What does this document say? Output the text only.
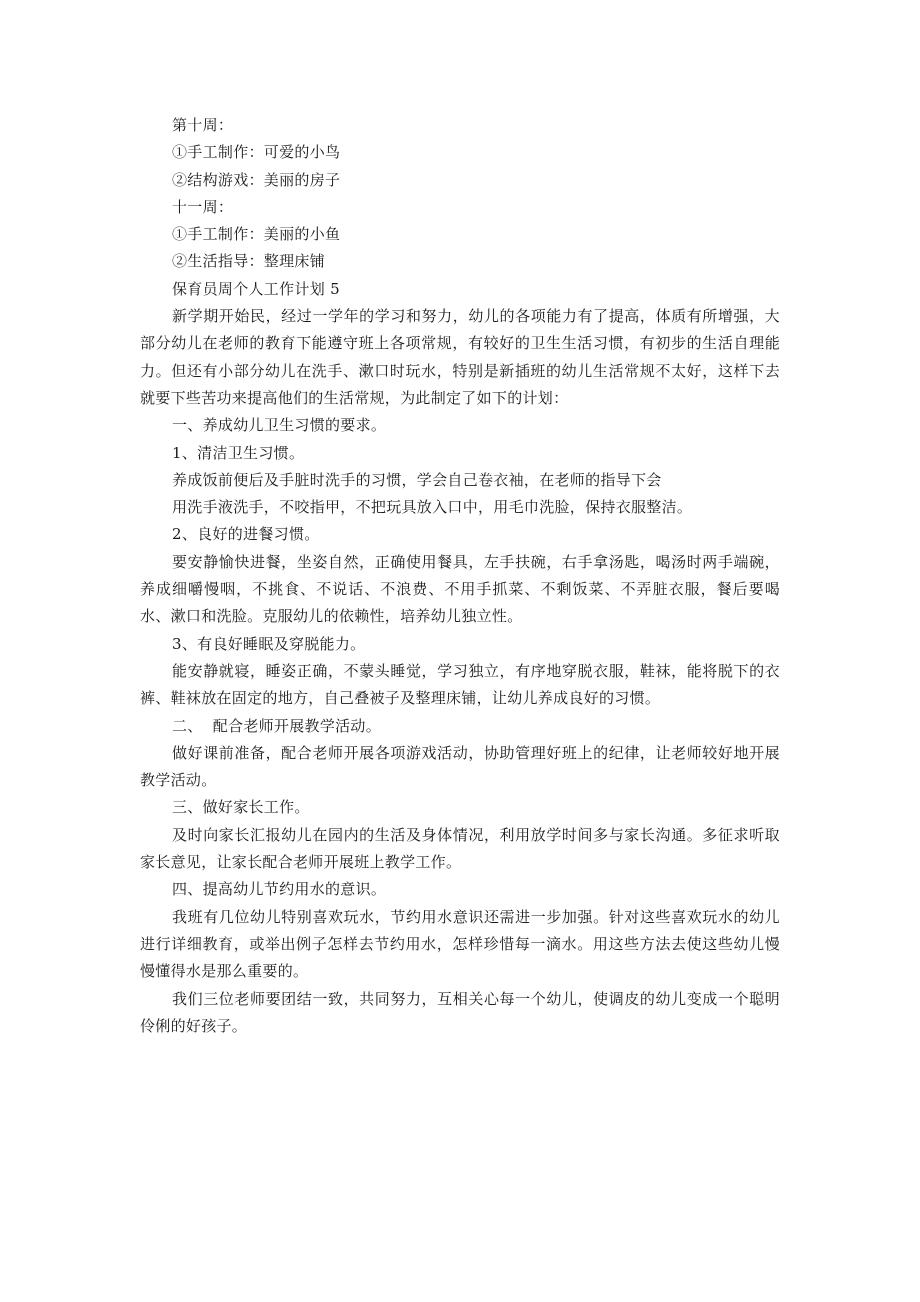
第十周：

①手工制作：可爱的小鸟

②结构游戏：美丽的房子

十一周：

①手工制作：美丽的小鱼

②生活指导：整理床铺

保育员周个人工作计划 5

新学期开始民，经过一学年的学习和努力，幼儿的各项能力有了提高，体质有所增强，大部分幼儿在老师的教育下能遵守班上各项常规，有较好的卫生生活习惯，有初步的生活自理能力。但还有小部分幼儿在洗手、漱口时玩水，特别是新插班的幼儿生活常规不太好，这样下去就要下些苦功来提高他们的生活常规，为此制定了如下的计划：

一、养成幼儿卫生习惯的要求。

1、清洁卫生习惯。

养成饭前便后及手脏时洗手的习惯，学会自己卷衣袖，在老师的指导下会

用洗手液洗手，不咬指甲，不把玩具放入口中，用毛巾洗脸，保持衣服整洁。

2、良好的进餐习惯。

要安静愉快进餐，坐姿自然，正确使用餐具，左手扶碗，右手拿汤匙，喝汤时两手端碗，养成细嚼慢咽，不挑食、不说话、不浪费、不用手抓菜、不剩饭菜、不弄脏衣服，餐后要喝水、漱口和洗脸。克服幼儿的依赖性，培养幼儿独立性。

3、有良好睡眠及穿脱能力。

能安静就寝，睡姿正确，不蒙头睡觉，学习独立，有序地穿脱衣服，鞋袜，能将脱下的衣裤、鞋袜放在固定的地方，自己叠被子及整理床铺，让幼儿养成良好的习惯。

二、  配合老师开展教学活动。

做好课前准备，配合老师开展各项游戏活动，协助管理好班上的纪律，让老师较好地开展教学活动。

三、做好家长工作。

及时向家长汇报幼儿在园内的生活及身体情况，利用放学时间多与家长沟通。多征求听取家长意见，让家长配合老师开展班上教学工作。

四、提高幼儿节约用水的意识。

我班有几位幼儿特别喜欢玩水，节约用水意识还需进一步加强。针对这些喜欢玩水的幼儿进行详细教育，或举出例子怎样去节约用水，怎样珍惜每一滴水。用这些方法去使这些幼儿慢慢懂得水是那么重要的。

我们三位老师要团结一致，共同努力，互相关心每一个幼儿，使调皮的幼儿变成一个聪明伶俐的好孩子。
